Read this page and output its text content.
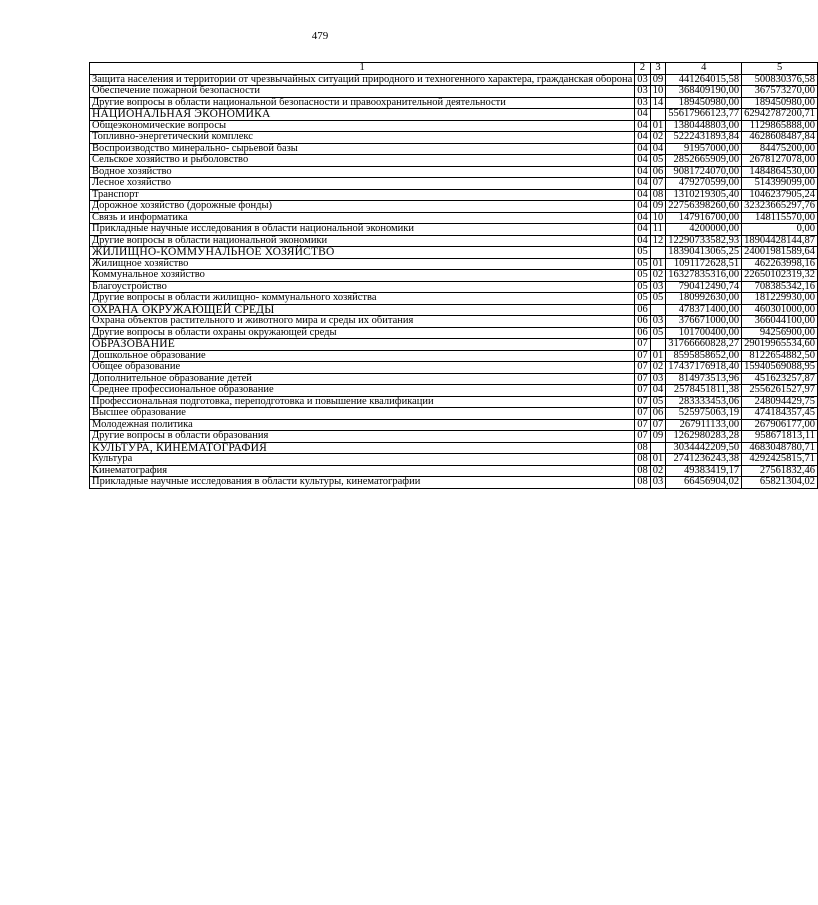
479
1	2	3	4	5
Защита населения и территории от чрезвычайных ситуаций природного и техногенного характера, гражданская оборона	03	09	441264015,58	500830376,58
Обеспечение пожарной безопасности	03	10	368409190,00	367573270,00
Другие вопросы в области национальной безопасности и правоохранительной деятельности	03	14	189450980,00	189450980,00
НАЦИОНАЛЬНАЯ ЭКОНОМИКА	04		55617966123,77	62942787200,71
Общеэкономические вопросы	04	01	1380448803,00	1129865888,00
Топливно-энергетический комплекс	04	02	5222431893,84	4628608487,84
Воспроизводство минерально- сырьевой базы	04	04	91957000,00	84475200,00
Сельское хозяйство и рыболовство	04	05	2852665909,00	2678127078,00
Водное хозяйство	04	06	9081724070,00	1484864530,00
Лесное хозяйство	04	07	479270599,00	514399099,00
Транспорт	04	08	1310219305,40	1046237905,24
Дорожное хозяйство (дорожные фонды)	04	09	22756398260,60	32323665297,76
Связь и информатика	04	10	147916700,00	148115570,00
Прикладные научные исследования в области национальной экономики	04	11	4200000,00	0,00
Другие вопросы в области национальной экономики	04	12	12290733582,93	18904428144,87
ЖИЛИЩНО-КОММУНАЛЬНОЕ ХОЗЯЙСТВО	05		18390413065,25	24001981589,64
Жилищное хозяйство	05	01	1091172628,51	462263998,16
Коммунальное хозяйство	05	02	16327835316,00	22650102319,32
Благоустройство	05	03	790412490,74	708385342,16
Другие вопросы в области жилищно- коммунального хозяйства	05	05	180992630,00	181229930,00
ОХРАНА ОКРУЖАЮЩЕЙ СРЕДЫ	06		478371400,00	460301000,00
Охрана объектов растительного и животного мира и среды их обитания	06	03	376671000,00	366044100,00
Другие вопросы в области охраны окружающей среды	06	05	101700400,00	94256900,00
ОБРАЗОВАНИЕ	07		31766660828,27	29019965534,60
Дошкольное образование	07	01	8595858652,00	8122654882,50
Общее образование	07	02	17437176918,40	15940569088,95
Дополнительное образование детей	07	03	814973513,96	451623257,87
Среднее профессиональное образование	07	04	2578451811,38	2556261527,97
Профессиональная подготовка, переподготовка и повышение квалификации	07	05	283333453,06	248094429,75
Высшее образование	07	06	525975063,19	474184357,45
Молодежная политика	07	07	267911133,00	267906177,00
Другие вопросы в области образования	07	09	1262980283,28	958671813,11
КУЛЬТУРА, КИНЕМАТОГРАФИЯ	08		3034442209,50	4683048780,71
Культура	08	01	2741236243,38	4292425815,71
Кинематография	08	02	49383419,17	27561832,46
Прикладные научные исследования в области культуры, кинематографии	08	03	66456904,02	65821304,02
